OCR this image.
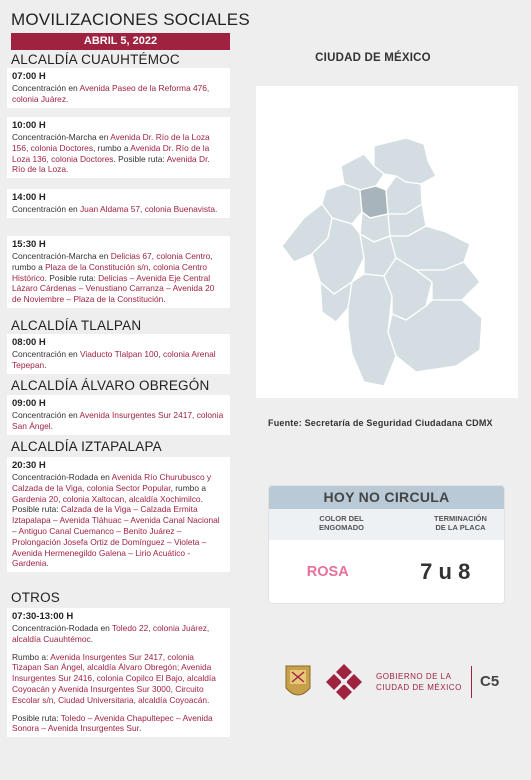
MOVILIZACIONES SOCIALES
ABRIL 5, 2022
ALCALDÍA CUAUHTÉMOC
07:00 H
Concentración en Avenida Paseo de la Reforma 476, colonia Juárez.
10:00 H
Concentración-Marcha en Avenida Dr. Río de la Loza 156, colonia Doctores, rumbo a Avenida Dr. Río de la Loza 136, colonia Doctores. Posible ruta: Avenida Dr. Río de la Loza.
14:00 H
Concentración en Juan Aldama 57, colonia Buenavista.
15:30 H
Concentración-Marcha en Delicias 67, colonia Centro, rumbo a Plaza de la Constitución s/n, colonia Centro Histórico. Posible ruta: Delicias – Avenida Eje Central Lázaro Cárdenas – Venustiano Carranza – Avenida 20 de Noviembre – Plaza de la Constitución.
ALCALDÍA TLALPAN
08:00 H
Concentración en Viaducto Tlalpan 100, colonia Arenal Tepepan.
ALCALDÍA ÁLVARO OBREGÓN
09:00 H
Concentración en Avenida Insurgentes Sur 2417, colonia San Ángel.
ALCALDÍA IZTAPALAPA
20:30 H
Concentración-Rodada en Avenida Río Churubusco y Calzada de la Viga, colonia Sector Popular, rumbo a Gardenia 20, colonia Xaltocan, alcaldía Xochimilco. Posible ruta: Calzada de la Viga – Calzada Ermita Iztapalapa – Avenida Tláhuac – Avenida Canal Nacional – Antiguo Canal Cuemanco – Benito Juárez – Prolongación Josefa Ortiz de Domínguez – Violeta – Avenida Hermenegildo Galena – Lirio Acuático - Gardenia.
OTROS
07:30-13:00 H
Concentración-Rodada en Toledo 22, colonia Juárez, alcaldía Cuauhtémoc.
Rumbo a: Avenida Insurgentes Sur 2417, colonia Tizapan San Ángel, alcaldía Álvaro Obregón; Avenida Insurgentes Sur 2416, colonia Copilco El Bajo, alcaldía Coyoacán y Avenida Insurgentes Sur 3000, Circuito Escolar s/n, Ciudad Universitaria, alcaldía Coyoacán.
Posible ruta: Toledo – Avenida Chapultepec – Avenida Sonora – Avenida Insurgentes Sur.
CIUDAD DE MÉXICO
Fuente: Secretaría de Seguridad Ciudadana CDMX
HOY NO CIRCULA
COLOR DEL ENGOMADO
TERMINACIÓN DE LA PLACA
ROSA	7 u 8
GOBIERNO DE LA
CIUDAD DE MÉXICO C5
